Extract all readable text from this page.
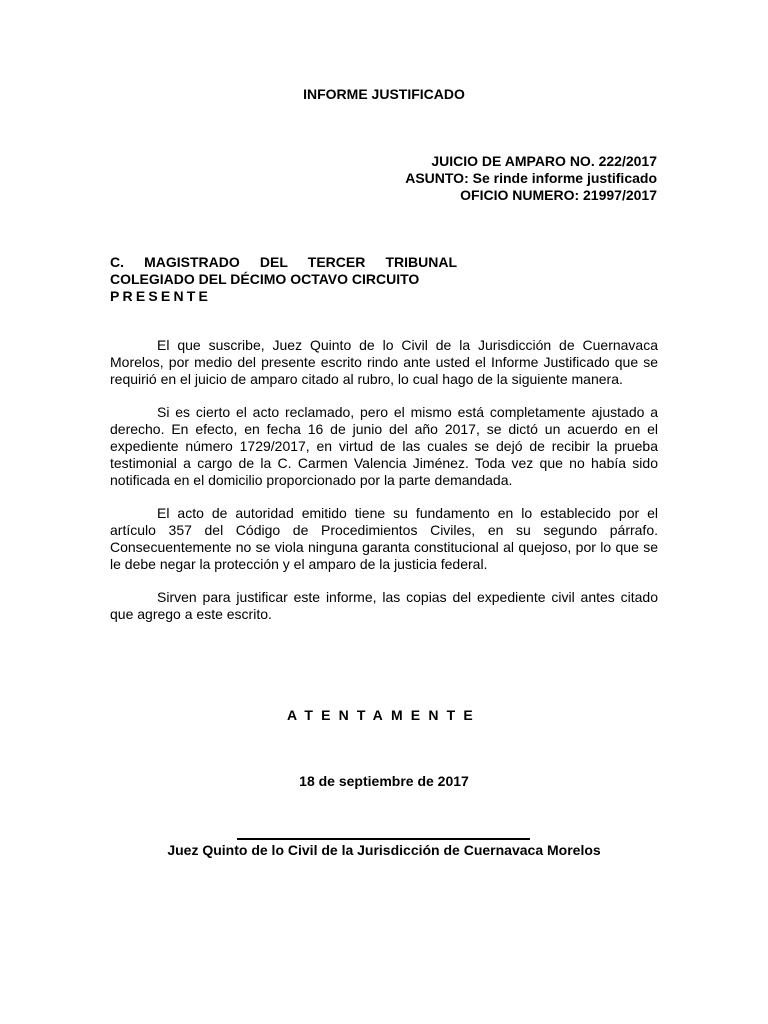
INFORME JUSTIFICADO
JUICIO DE AMPARO NO. 222/2017
ASUNTO: Se rinde informe justificado
OFICIO NUMERO: 21997/2017
C. MAGISTRADO DEL TERCER TRIBUNAL
COLEGIADO DEL DÉCIMO OCTAVO CIRCUITO
PRESENTE

El que suscribe, Juez Quinto de lo Civil de la Jurisdicción de Cuernavaca Morelos, por medio del presente escrito rindo ante usted el Informe Justificado que se requirió en el juicio de amparo citado al rubro, lo cual hago de la siguiente manera.

Si es cierto el acto reclamado, pero el mismo está completamente ajustado a derecho. En efecto, en fecha 16 de junio del año 2017, se dictó un acuerdo en el expediente número 1729/2017, en virtud de las cuales se dejó de recibir la prueba testimonial a cargo de la C. Carmen Valencia Jiménez. Toda vez que no había sido notificada en el domicilio proporcionado por la parte demandada.

El acto de autoridad emitido tiene su fundamento en lo establecido por el artículo 357 del Código de Procedimientos Civiles, en su segundo párrafo. Consecuentemente no se viola ninguna garanta constitucional al quejoso, por lo que se le debe negar la protección y el amparo de la justicia federal.

Sirven para justificar este informe, las copias del expediente civil antes citado que agrego a este escrito.

ATENTAMENTE
18 de septiembre de 2017
Juez Quinto de lo Civil de la Jurisdicción de Cuernavaca Morelos
